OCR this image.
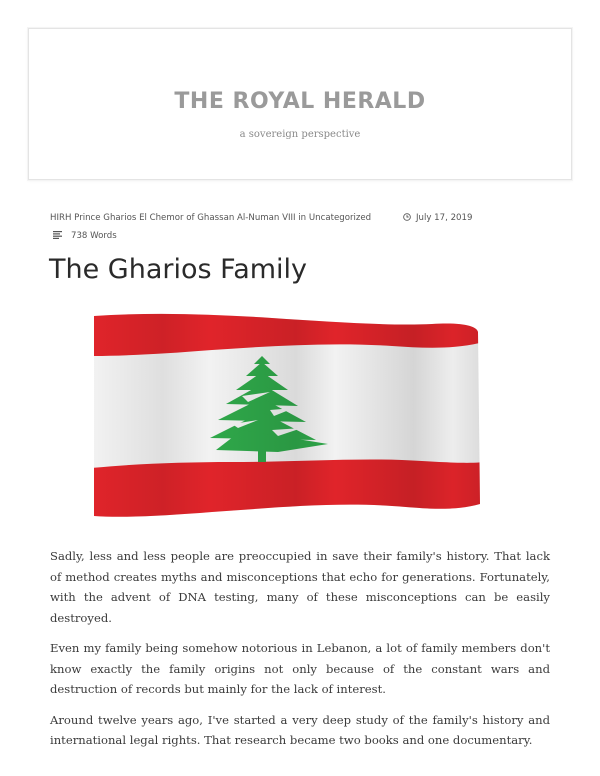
THE ROYAL HERALD
a sovereign perspective
HIRH Prince Gharios El Chemor of Ghassan Al-Numan VIII in Uncategorized	July 17, 2019
738 Words
The Gharios Family

Sadly, less and less people are preoccupied in save their family's history. That lack of method creates myths and misconceptions that echo for generations. Fortunately, with the advent of DNA testing, many of these misconceptions can be easily destroyed.

Even my family being somehow notorious in Lebanon, a lot of family members don't know exactly the family origins not only because of the constant wars and destruction of records but mainly for the lack of interest.

Around twelve years ago, I've started a very deep study of the family's history and international legal rights. That research became two books and one documentary.
